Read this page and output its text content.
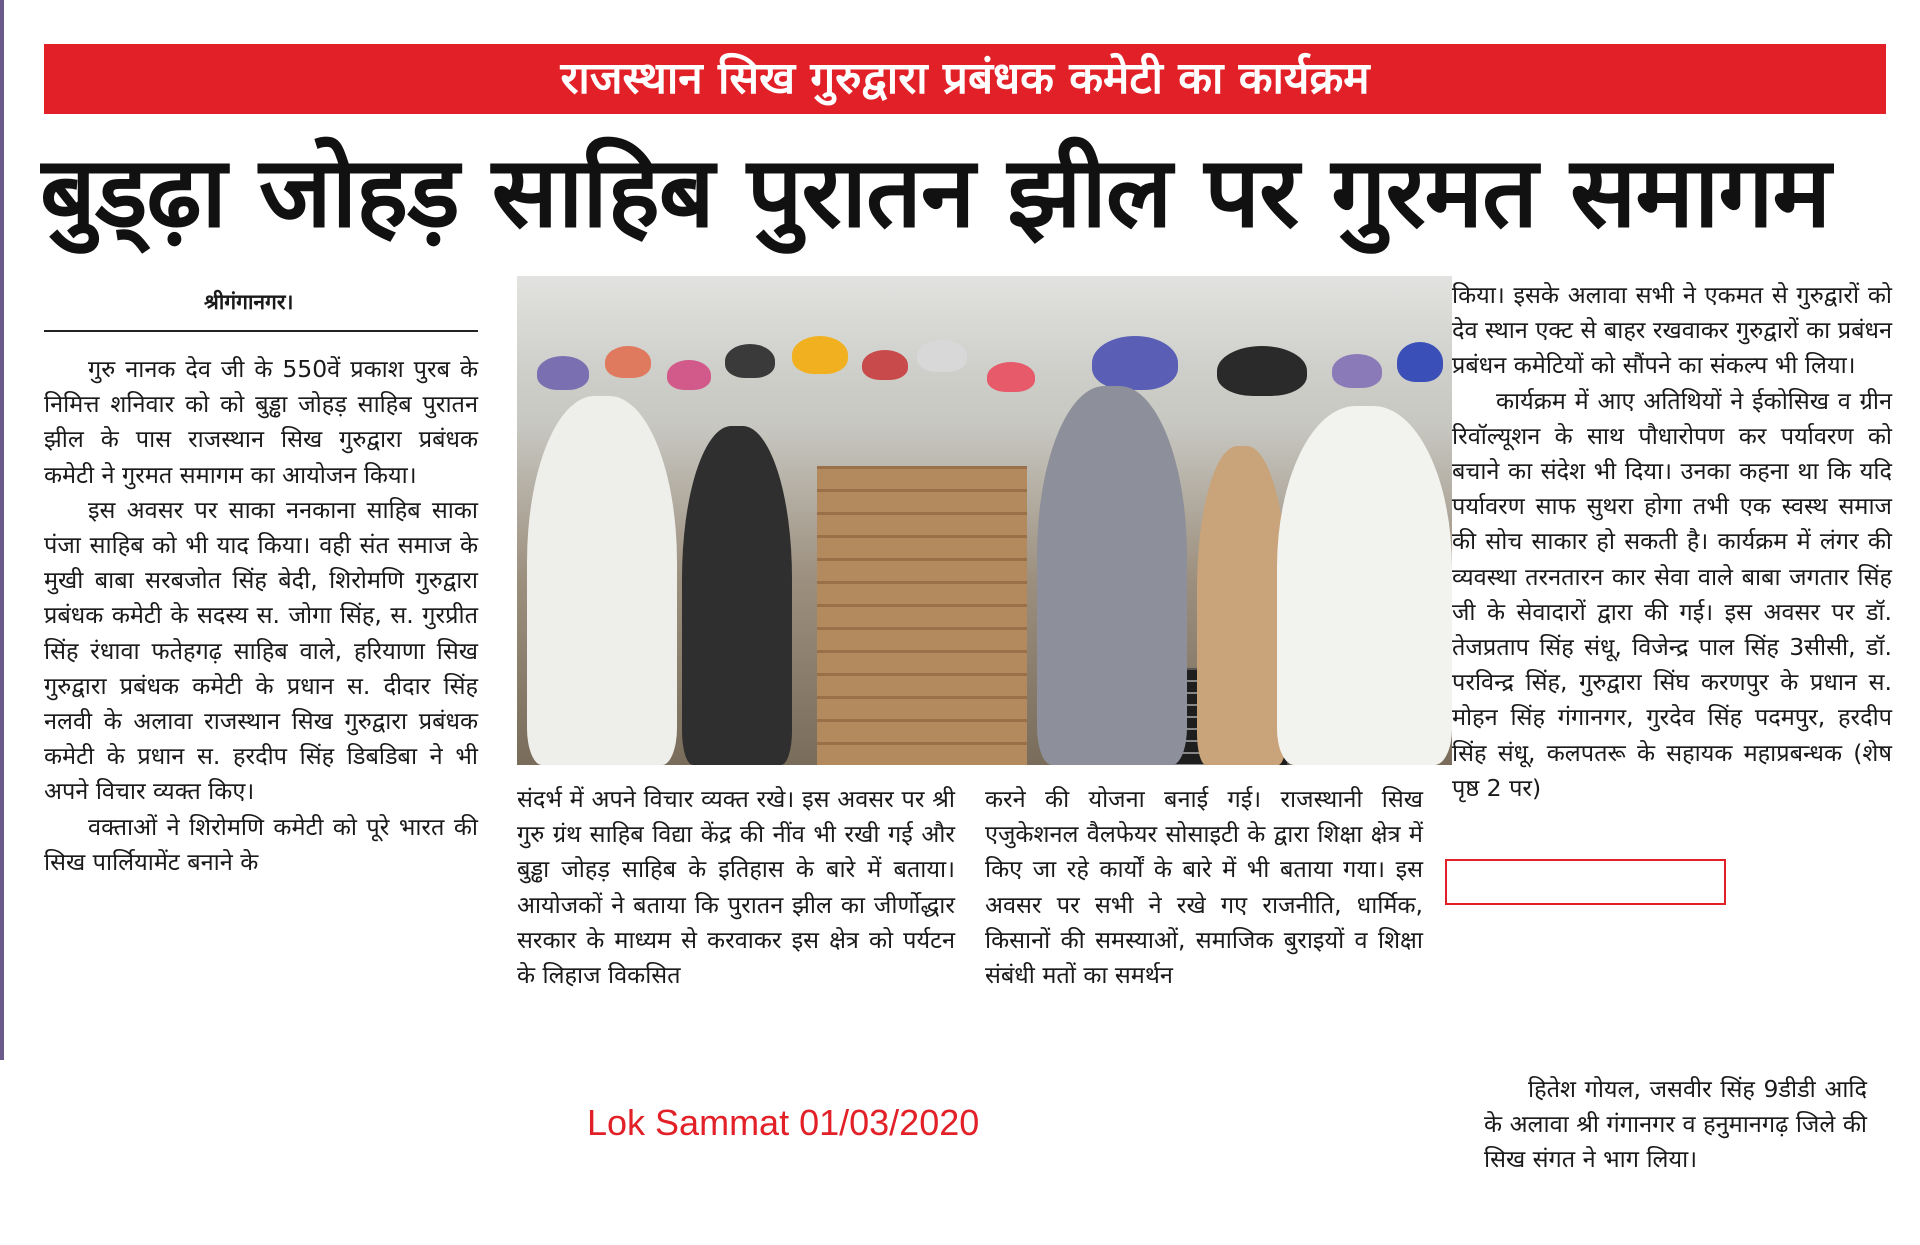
राजस्थान सिख गुरुद्वारा प्रबंधक कमेटी का कार्यक्रम
बुड्ढ़ा जोहड़ साहिब पुरातन झील पर गुरमत समागम
श्रीगंगानगर।

गुरु नानक देव जी के 550वें प्रकाश पुरब के निमित्त शनिवार को को बुड्ढा जोहड़ साहिब पुरातन झील के पास राजस्थान सिख गुरुद्वारा प्रबंधक कमेटी ने गुरमत समागम का आयोजन किया।

इस अवसर पर साका ननकाना साहिब साका पंजा साहिब को भी याद किया। वही संत समाज के मुखी बाबा सरबजोत सिंह बेदी, शिरोमणि गुरुद्वारा प्रबंधक कमेटी के सदस्य स. जोगा सिंह, स. गुरप्रीत सिंह रंधावा फतेहगढ़ साहिब वाले, हरियाणा सिख गुरुद्वारा प्रबंधक कमेटी के प्रधान स. दीदार सिंह नलवी के अलावा राजस्थान सिख गुरुद्वारा प्रबंधक कमेटी के प्रधान स. हरदीप सिंह डिबडिबा ने भी अपने विचार व्यक्त किए।

वक्ताओं ने शिरोमणि कमेटी को पूरे भारत की सिख पार्लियामेंट बनाने के

संदर्भ में अपने विचार व्यक्त रखे। इस अवसर पर श्री गुरु ग्रंथ साहिब विद्या केंद्र की नींव भी रखी गई और बुड्ढा जोहड़ साहिब के इतिहास के बारे में बताया। आयोजकों ने बताया कि पुरातन झील का जीर्णोद्धार सरकार के माध्यम से करवाकर इस क्षेत्र को पर्यटन के लिहाज विकसित

करने की योजना बनाई गई। राजस्थानी सिख एजुकेशनल वैलफेयर सोसाइटी के द्वारा शिक्षा क्षेत्र में किए जा रहे कार्यों के बारे में भी बताया गया। इस अवसर पर सभी ने रखे गए राजनीति, धार्मिक, किसानों की समस्याओं, समाजिक बुराइयों व शिक्षा संबंधी मतों का समर्थन

किया। इसके अलावा सभी ने एकमत से गुरुद्वारों को देव स्थान एक्ट से बाहर रखवाकर गुरुद्वारों का प्रबंधन प्रबंधन कमेटियों को सौंपने का संकल्प भी लिया।

कार्यक्रम में आए अतिथियों ने ईकोसिख व ग्रीन रिवॉल्यूशन के साथ पौधारोपण कर पर्यावरण को बचाने का संदेश भी दिया। उनका कहना था कि यदि पर्यावरण साफ सुथरा होगा तभी एक स्वस्थ समाज की सोच साकार हो सकती है। कार्यक्रम में लंगर की व्यवस्था तरनतारन कार सेवा वाले बाबा जगतार सिंह जी के सेवादारों द्वारा की गई। इस अवसर पर डॉ. तेजप्रताप सिंह संधू, विजेन्द्र पाल सिंह 3सीसी, डॉ. परविन्द्र सिंह, गुरुद्वारा सिंघ करणपुर के प्रधान स. मोहन सिंह गंगानगर, गुरदेव सिंह पदमपुर, हरदीप सिंह संधू, कलपतरू के सहायक महाप्रबन्धक (शेष पृष्ठ 2 पर)

हितेश गोयल, जसवीर सिंह 9डीडी आदि के अलावा श्री गंगानगर व हनुमानगढ़ जिले की सिख संगत ने भाग लिया।

Lok Sammat 01/03/2020
